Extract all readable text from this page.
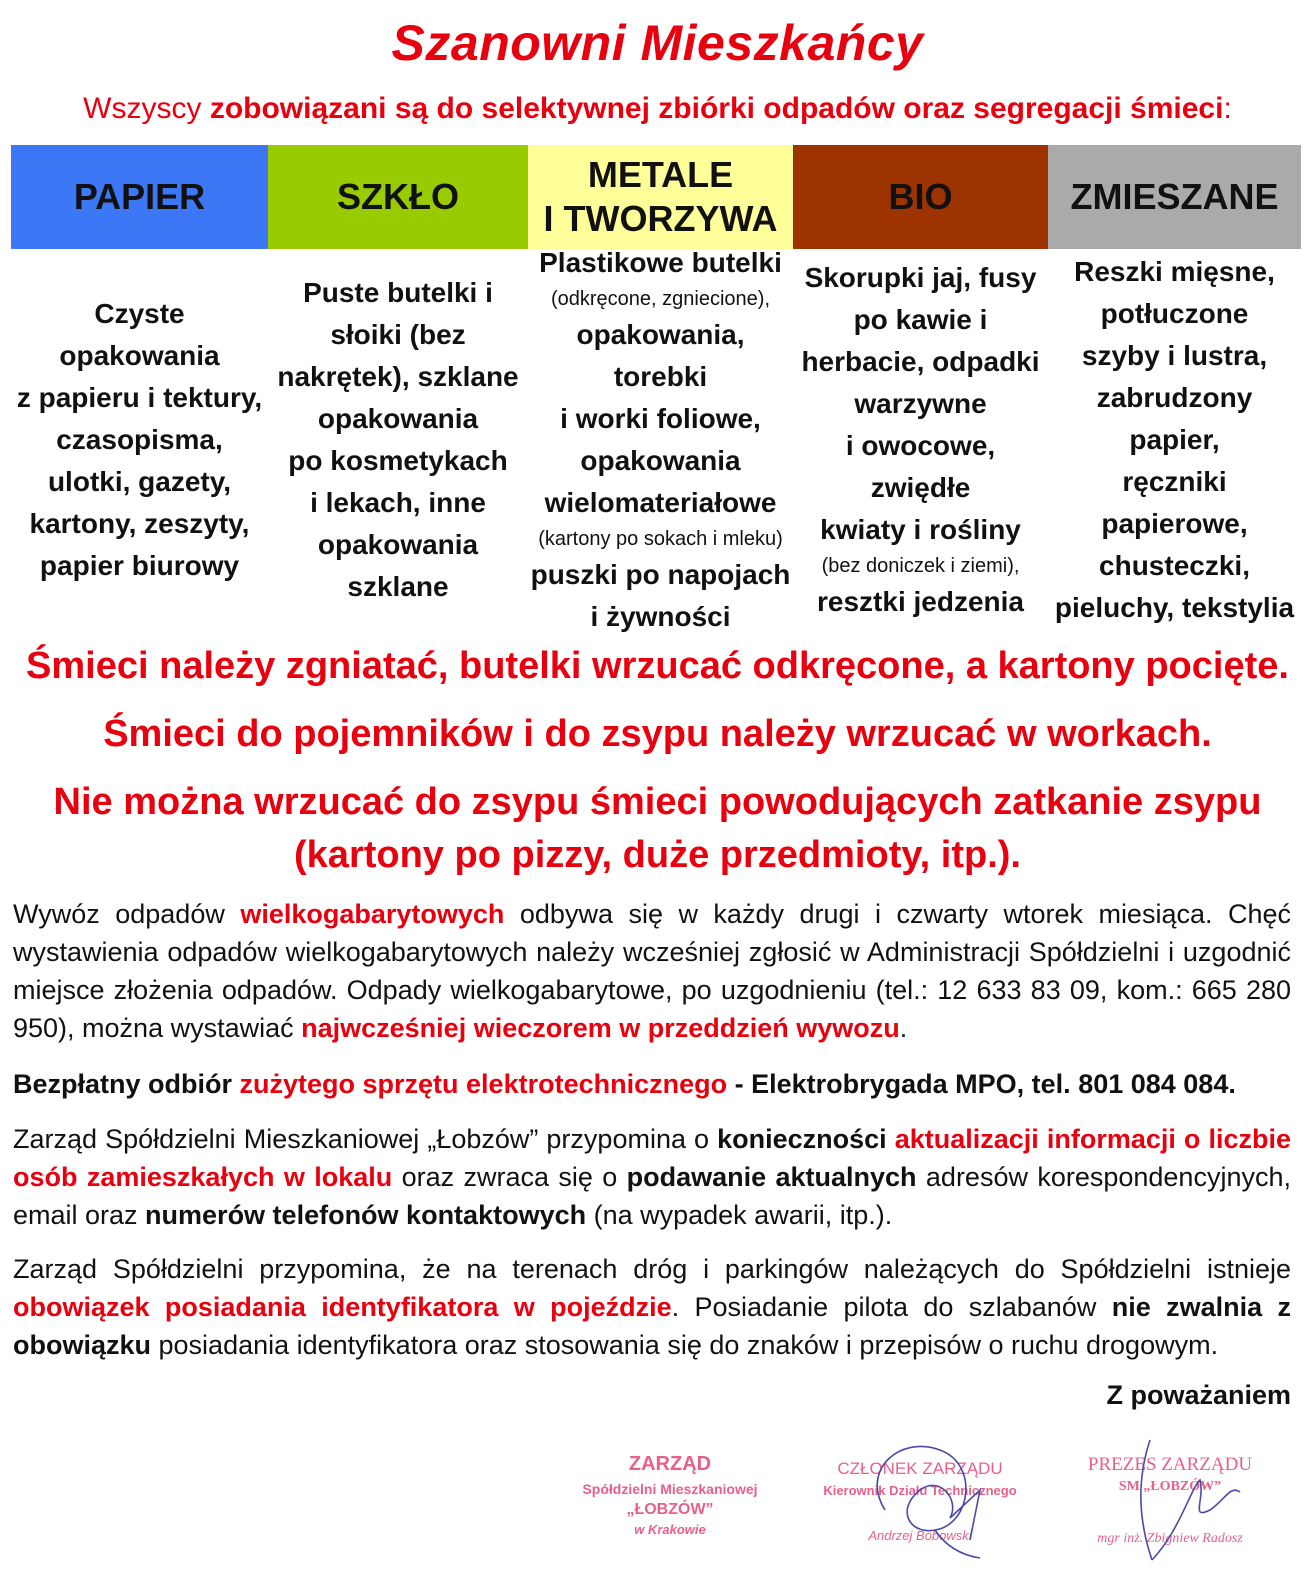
Szanowni Mieszkańcy
Wszyscy zobowiązani są do selektywnej zbiórki odpadów oraz segregacji śmieci:
PAPIER	SZKŁO
METALE
I TWORZYWA
BIO	ZMIESZANE
Czyste opakowania
z papieru i tektury,
czasopisma,
ulotki, gazety,
kartony, zeszyty,
papier biurowy
Puste butelki i
słoiki (bez
nakrętek), szklane
opakowania
po kosmetykach
i lekach, inne
opakowania
szklane
Plastikowe butelki
(odkręcone, zgniecione),
opakowania, torebki
i worki foliowe,
opakowania
wielomateriałowe
(kartony po sokach i mleku)
puszki po napojach
i żywności
Skorupki jaj, fusy
po kawie i
herbacie, odpadki
warzywne
i owocowe, zwiędłe
kwiaty i rośliny
(bez doniczek i ziemi),
resztki jedzenia
Reszki mięsne,
potłuczone
szyby i lustra,
zabrudzony papier,
ręczniki papierowe,
chusteczki,
pieluchy, tekstylia
Śmieci należy zgniatać, butelki wrzucać odkręcone, a kartony pocięte.
Śmieci do pojemników i do zsypu należy wrzucać w workach.
Nie można wrzucać do zsypu śmieci powodujących zatkanie zsypu
(kartony po pizzy, duże przedmioty, itp.).
Wywóz odpadów wielkogabarytowych odbywa się w każdy drugi i czwarty wtorek miesiąca. Chęć wystawienia odpadów wielkogabarytowych należy wcześniej zgłosić w Administracji Spółdzielni i uzgodnić miejsce złożenia odpadów. Odpady wielkogabarytowe, po uzgodnieniu (tel.: 12 633 83 09, kom.: 665 280 950), można wystawiać najwcześniej wieczorem w przeddzień wywozu.
Bezpłatny odbiór zużytego sprzętu elektrotechnicznego - Elektrobrygada MPO, tel. 801 084 084.
Zarząd Spółdzielni Mieszkaniowej „Łobzów” przypomina o konieczności aktualizacji informacji o liczbie osób zamieszkałych w lokalu oraz zwraca się o podawanie aktualnych adresów korespondencyjnych, email oraz numerów telefonów kontaktowych (na wypadek awarii, itp.).
Zarząd Spółdzielni przypomina, że na terenach dróg i parkingów należących do Spółdzielni istnieje obowiązek posiadania identyfikatora w pojeździe. Posiadanie pilota do szlabanów nie zwalnia z obowiązku posiadania identyfikatora oraz stosowania się do znaków i przepisów o ruchu drogowym.
Z poważaniem
ZARZĄD
Spółdzielni Mieszkaniowej
„ŁOBZÓW”
w Krakowie
CZŁONEK ZARZĄDU
Kierownik Działu Technicznego
Andrzej Bobowski
PREZES ZARZĄDU
SM „ŁOBZÓW”
mgr inż. Zbigniew Radosz
